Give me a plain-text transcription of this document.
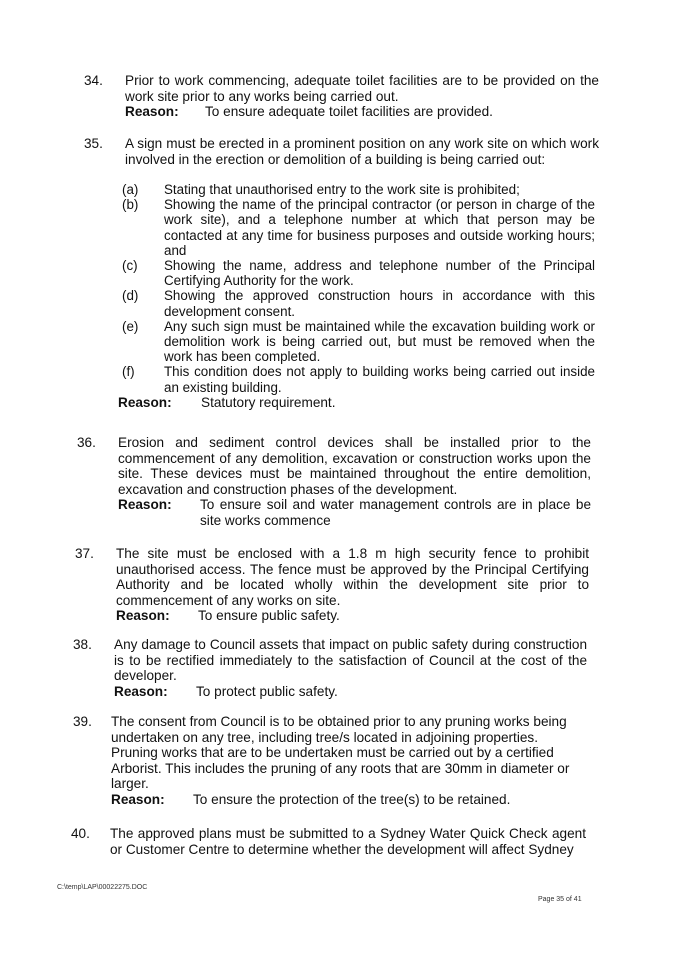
34. Prior to work commencing, adequate toilet facilities are to be provided on the work site prior to any works being carried out.
Reason:	To ensure adequate toilet facilities are provided.
35. A sign must be erected in a prominent position on any work site on which work involved in the erection or demolition of a building is being carried out:
(a)	Stating that unauthorised entry to the work site is prohibited;
(b)	Showing the name of the principal contractor (or person in charge of the work site), and a telephone number at which that person may be contacted at any time for business purposes and outside working hours; and
(c)	Showing the name, address and telephone number of the Principal Certifying Authority for the work.
(d)	Showing the approved construction hours in accordance with this development consent.
(e)	Any such sign must be maintained while the excavation building work or demolition work is being carried out, but must be removed when the work has been completed.
(f)	This condition does not apply to building works being carried out inside an existing building.
Reason:	Statutory requirement.
36. Erosion and sediment control devices shall be installed prior to the commencement of any demolition, excavation or construction works upon the site. These devices must be maintained throughout the entire demolition, excavation and construction phases of the development.
Reason:	To ensure soil and water management controls are in place be site works commence
37. The site must be enclosed with a 1.8 m high security fence to prohibit unauthorised access. The fence must be approved by the Principal Certifying Authority and be located wholly within the development site prior to commencement of any works on site.
Reason:	To ensure public safety.
38. Any damage to Council assets that impact on public safety during construction is to be rectified immediately to the satisfaction of Council at the cost of the developer.
Reason:	To protect public safety.
39. The consent from Council is to be obtained prior to any pruning works being undertaken on any tree, including tree/s located in adjoining properties. Pruning works that are to be undertaken must be carried out by a certified Arborist. This includes the pruning of any roots that are 30mm in diameter or larger.
Reason:	To ensure the protection of the tree(s) to be retained.
40. The approved plans must be submitted to a Sydney Water Quick Check agent or Customer Centre to determine whether the development will affect Sydney
C:\temp\LAP\00022275.DOC
Page 35 of 41
